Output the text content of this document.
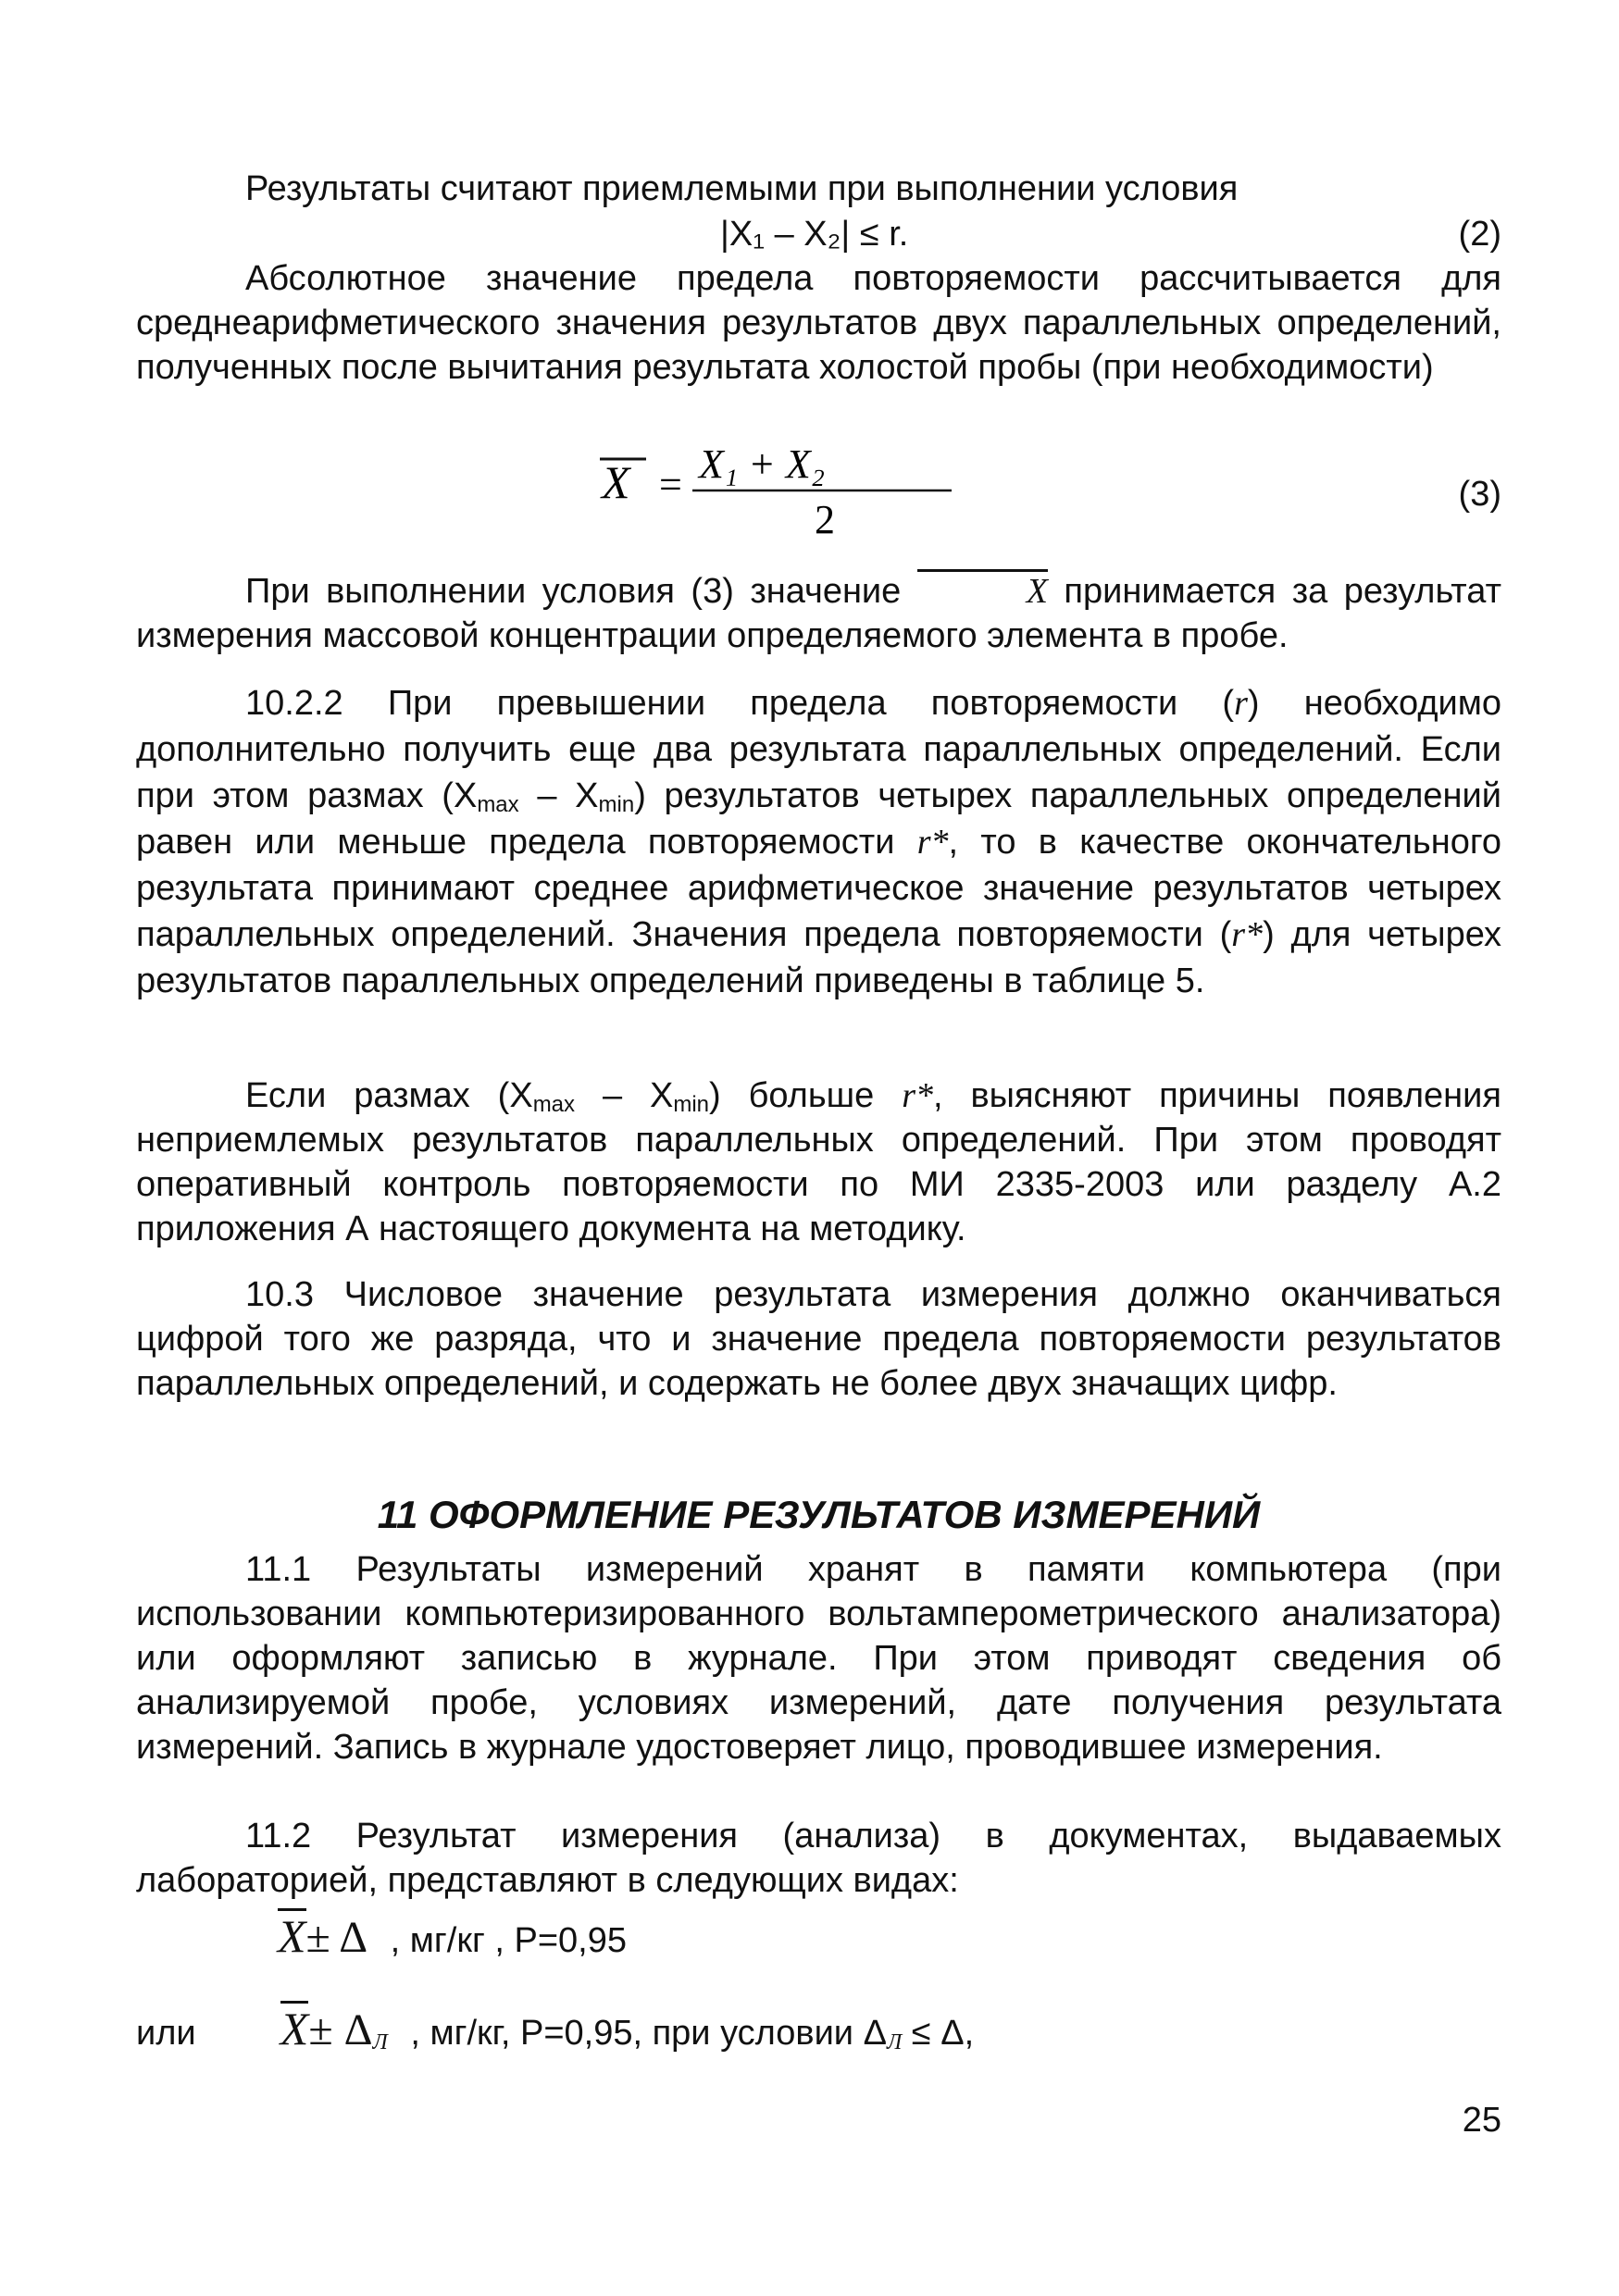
Результаты считают приемлемыми при выполнении условия

|X₁ – X₂| ≤ r.	(2)

Абсолютное значение предела повторяемости рассчитывается для среднеарифметического значения результатов двух параллельных определений, полученных после вычитания результата холостой пробы (при необходимости)

X = X₁ + X₂
2
(3)

При выполнении условия (3) значение	X принимается за результат измерения массовой концентрации определяемого элемента в пробе.

10.2.2 При превышении предела повторяемости (r) необходимо дополнительно получить еще два результата параллельных определений. Если при этом размах $(X_{max} - X_{min})$ результатов четырех параллельных определений равен или меньше предела повторяемости r*, то в качестве окончательного результата принимают среднее арифметическое значение результатов четырех параллельных определений. Значения предела повторяемости (r*) для четырех результатов параллельных определений приведены в таблице 5.

Если размах $(X_{max} - X_{min})$ больше r*, выясняют причины появления неприемлемых результатов параллельных определений. При этом проводят оперативный контроль повторяемости по МИ 2335-2003 или разделу А.2 приложения А настоящего документа на методику.

10.3 Числовое значение результата измерения должно оканчиваться цифрой того же разряда, что и значение предела повторяемости результатов параллельных определений, и содержать не более двух значащих цифр.

11 ОФОРМЛЕНИЕ РЕЗУЛЬТАТОВ ИЗМЕРЕНИЙ

11.1 Результаты измерений хранят в памяти компьютера (при использовании компьютеризированного вольтамперометрического анализатора) или оформляют записью в журнале. При этом приводят сведения об анализируемой пробе, условиях измерений, дате получения результата измерений. Запись в журнале удостоверяет лицо, проводившее измерения.

11.2 Результат измерения (анализа) в документах, выдаваемых лабораторией, представляют в следующих видах:

X± Δ , мг/кг , Р=0,95
или $X\pm \Delta_Л$ , мг/кг, Р=0,95, при условии $\Delta_Л \le \Delta$,
25
